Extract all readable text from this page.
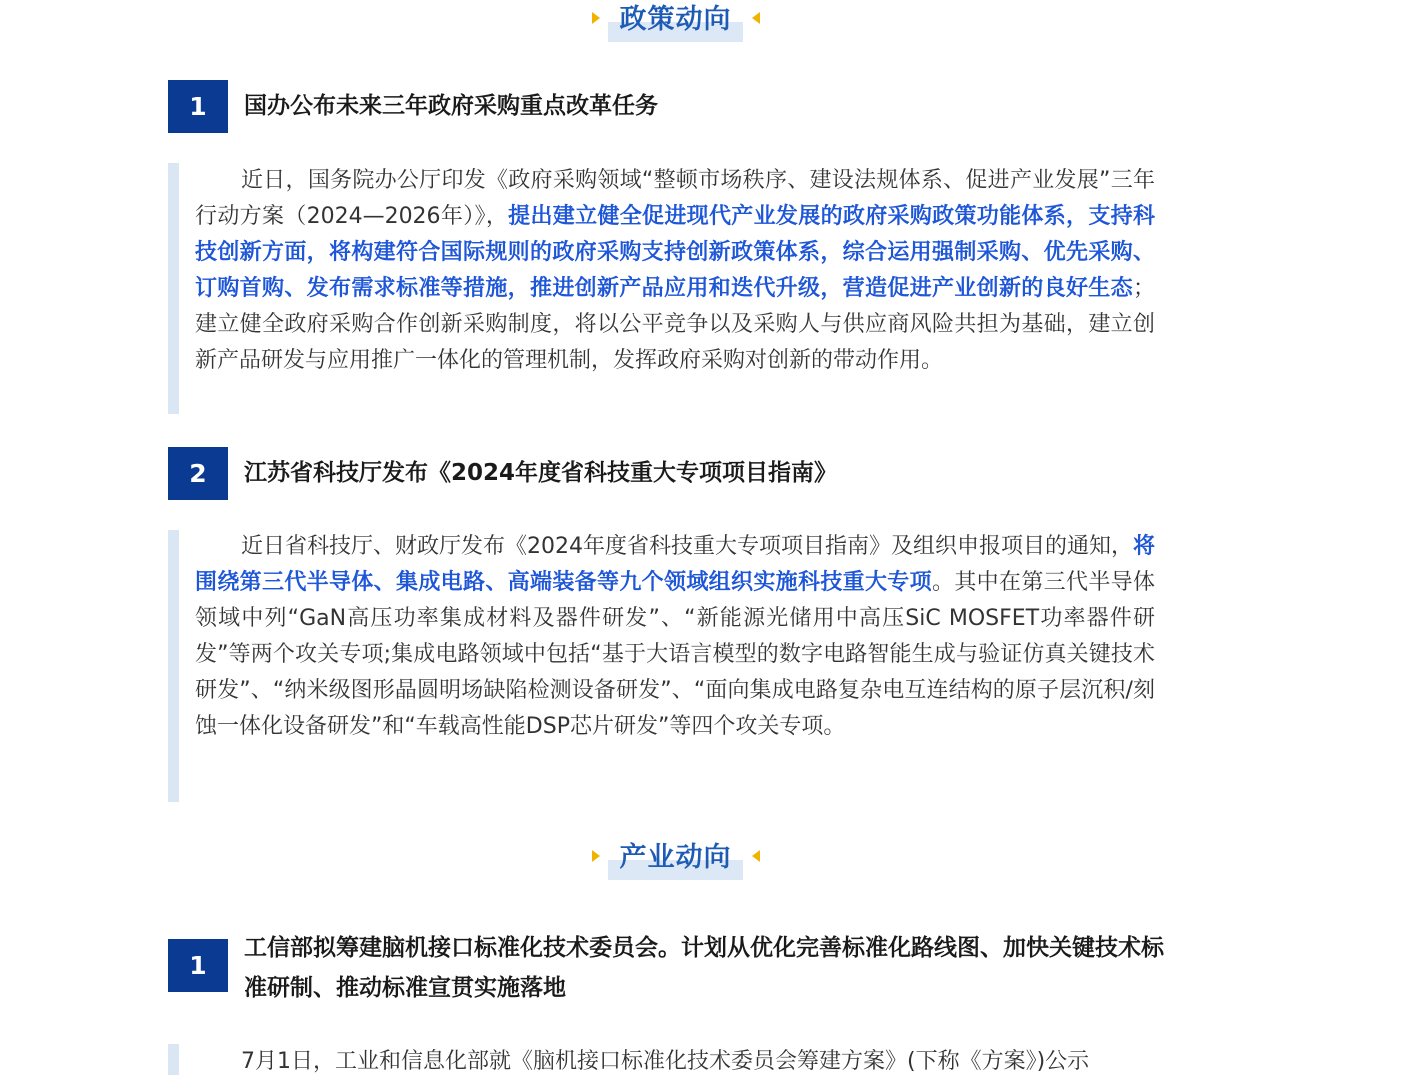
政策动向
1	国办公布未来三年政府采购重点改革任务

近日，国务院办公厅印发《政府采购领域“整顿市场秩序、建设法规体系、促进产业发展”三年行动方案（2024—2026年）》，提出建立健全促进现代产业发展的政府采购政策功能体系，支持科技创新方面，将构建符合国际规则的政府采购支持创新政策体系，综合运用强制采购、优先采购、订购首购、发布需求标准等措施，推进创新产品应用和迭代升级，营造促进产业创新的良好生态；建立健全政府采购合作创新采购制度，将以公平竞争以及采购人与供应商风险共担为基础，建立创新产品研发与应用推广一体化的管理机制，发挥政府采购对创新的带动作用。

2	江苏省科技厅发布《2024年度省科技重大专项项目指南》

近日省科技厅、财政厅发布《2024年度省科技重大专项项目指南》及组织申报项目的通知，将围绕第三代半导体、集成电路、高端装备等九个领域组织实施科技重大专项。其中在第三代半导体领域中列“GaN高压功率集成材料及器件研发”、“新能源光储用中高压SiC MOSFET功率器件研发”等两个攻关专项;集成电路领域中包括“基于大语言模型的数字电路智能生成与验证仿真关键技术研发”、“纳米级图形晶圆明场缺陷检测设备研发”、“面向集成电路复杂电互连结构的原子层沉积/刻蚀一体化设备研发”和“车载高性能DSP芯片研发”等四个攻关专项。

产业动向
1
工信部拟筹建脑机接口标准化技术委员会。计划从优化完善标准化路线图、加快关键技术标准研制、推动标准宣贯实施落地

7月1日，工业和信息化部就《脑机接口标准化技术委员会筹建方案》(下称《方案》)公示
